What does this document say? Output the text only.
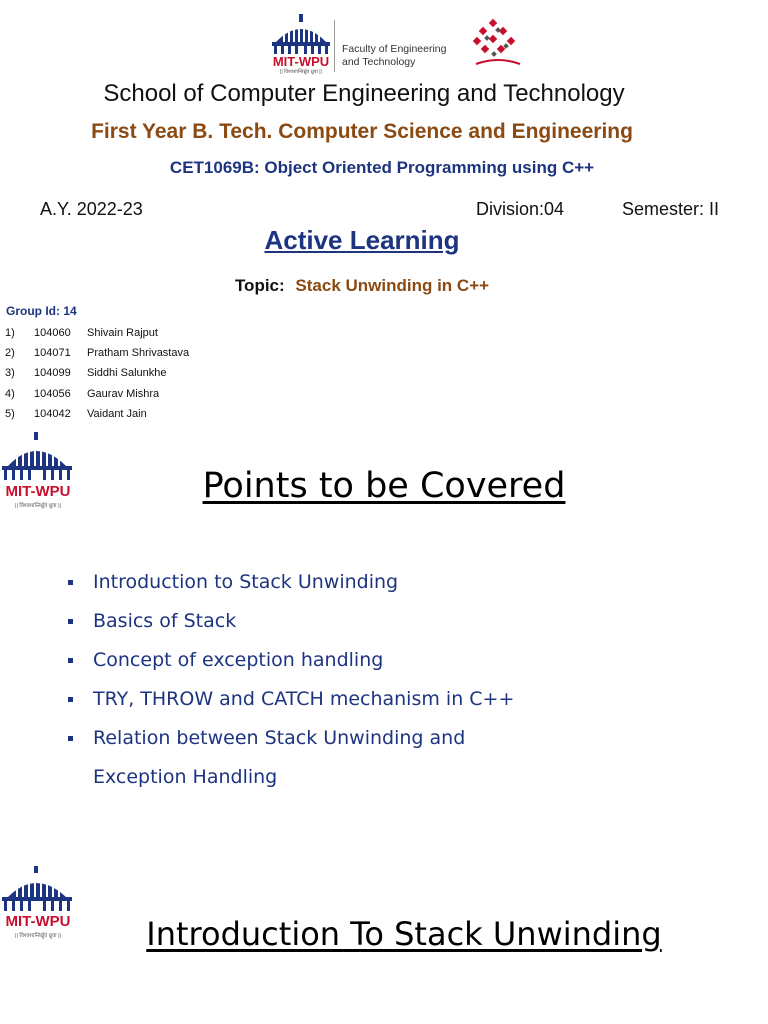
MIT-WPU
|| विश्वशान्तिर्ध्रुवं ध्रुवा ||
Faculty of Engineering
and Technology
School of Computer Engineering and Technology
First Year B. Tech. Computer Science and Engineering
CET1069B: Object Oriented Programming using C++
A.Y. 2022-23	Division:04	Semester: II
Active Learning
Topic: Stack Unwinding in C++
Group Id: 14
1) 104060 Shivain Rajput
2) 104071 Pratham Shrivastava
3) 104099 Siddhi Salunkhe
4) 104056 Gaurav Mishra
5) 104042 Vaidant Jain
MIT-WPU
|| विश्वशान्तिर्ध्रुवं ध्रुवा ||	Points to be Covered
Introduction to Stack Unwinding
Basics of Stack
Concept of exception handling
TRY, THROW and CATCH mechanism in C++
Relation between Stack Unwinding and
Exception Handling
MIT-WPU
|| विश्वशान्तिर्ध्रुवं ध्रुवा ||	Introduction To Stack Unwinding
